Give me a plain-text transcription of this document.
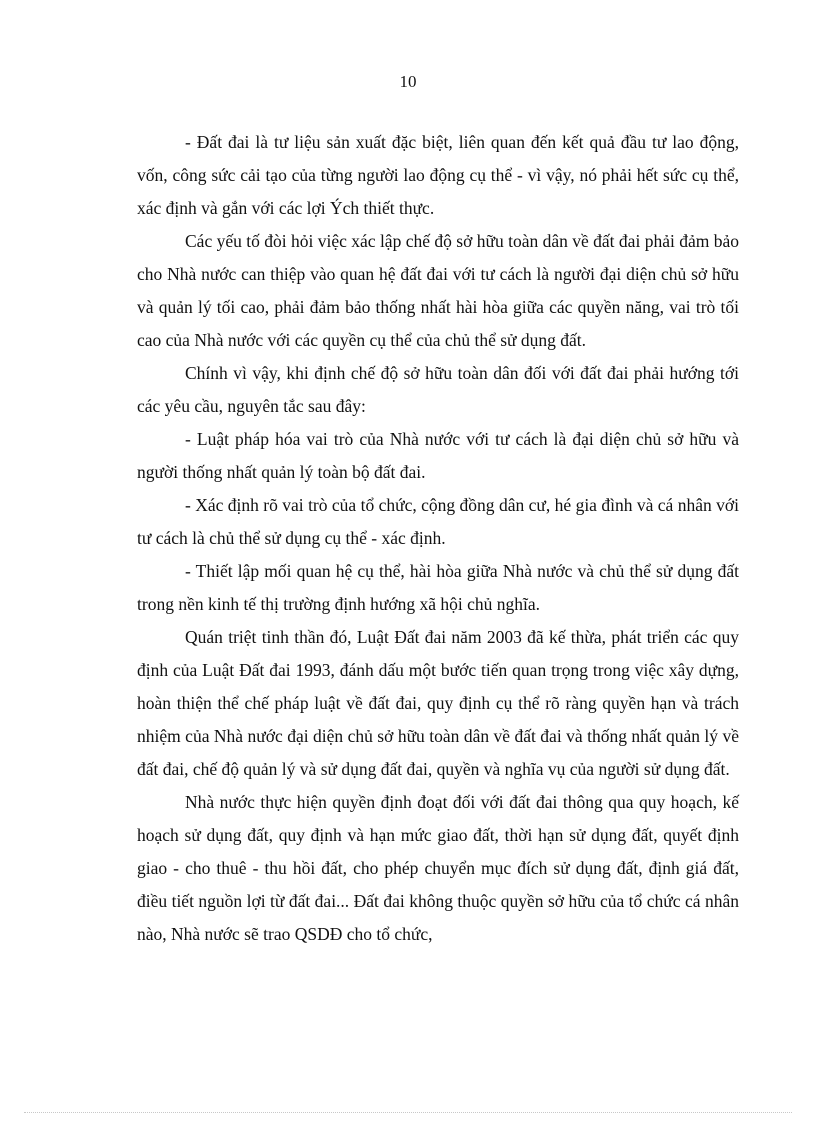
10

- Đất đai là tư liệu sản xuất đặc biệt, liên quan đến kết quả đầu tư lao động, vốn, công sức cải tạo của từng người lao động cụ thể - vì vậy, nó phải hết sức cụ thể, xác định và gắn với các lợi Ých thiết thực.

Các yếu tố đòi hỏi việc xác lập chế độ sở hữu toàn dân về đất đai phải đảm bảo cho Nhà nước can thiệp vào quan hệ đất đai với tư cách là người đại diện chủ sở hữu và quản lý tối cao, phải đảm bảo thống nhất hài hòa giữa các quyền năng, vai trò tối cao của Nhà nước với các quyền cụ thể của chủ thể sử dụng đất.

Chính vì vậy, khi định chế độ sở hữu toàn dân đối với đất đai phải hướng tới các yêu cầu, nguyên tắc sau đây:

- Luật pháp hóa vai trò của Nhà nước với tư cách là đại diện chủ sở hữu và người thống nhất quản lý toàn bộ đất đai.

- Xác định rõ vai trò của tổ chức, cộng đồng dân cư, hé gia đình và cá nhân với tư cách là chủ thể sử dụng cụ thể - xác định.

- Thiết lập mối quan hệ cụ thể, hài hòa giữa Nhà nước và chủ thể sử dụng đất trong nền kinh tế thị trường định hướng xã hội chủ nghĩa.

Quán triệt tinh thần đó, Luật Đất đai năm 2003 đã kế thừa, phát triển các quy định của Luật Đất đai 1993, đánh dấu một bước tiến quan trọng trong việc xây dựng, hoàn thiện thể chế pháp luật về đất đai, quy định cụ thể rõ ràng quyền hạn và trách nhiệm của Nhà nước đại diện chủ sở hữu toàn dân về đất đai và thống nhất quản lý về đất đai, chế độ quản lý và sử dụng đất đai, quyền và nghĩa vụ của người sử dụng đất.

Nhà nước thực hiện quyền định đoạt đối với đất đai thông qua quy hoạch, kế hoạch sử dụng đất, quy định và hạn mức giao đất, thời hạn sử dụng đất, quyết định giao - cho thuê - thu hồi đất, cho phép chuyển mục đích sử dụng đất, định giá đất, điều tiết nguồn lợi từ đất đai... Đất đai không thuộc quyền sở hữu của tổ chức cá nhân nào, Nhà nước sẽ trao QSDĐ cho tổ chức,
